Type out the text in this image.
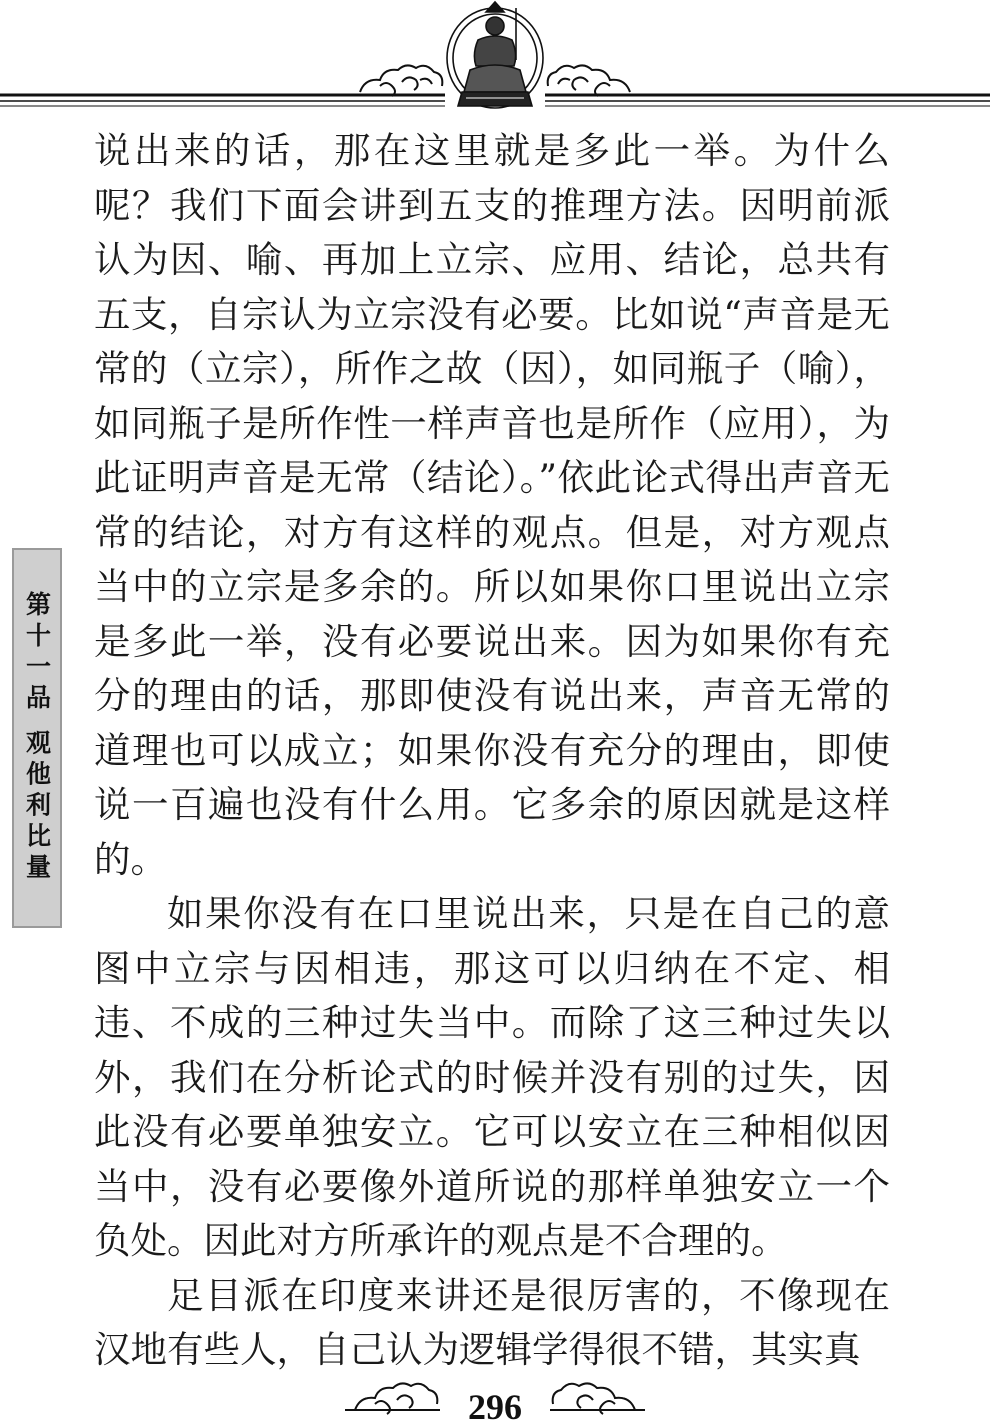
第十一品 观他利比量

说出来的话，那在这里就是多此一举。为什么呢？我们下面会讲到五支的推理方法。因明前派认为因、喻、再加上立宗、应用、结论，总共有五支，自宗认为立宗没有必要。比如说“声音是无常的（立宗），所作之故（因），如同瓶子（喻），如同瓶子是所作性一样声音也是所作（应用），为此证明声音是无常（结论）。”依此论式得出声音无常的结论，对方有这样的观点。但是，对方观点当中的立宗是多余的。所以如果你口里说出立宗是多此一举，没有必要说出来。因为如果你有充分的理由的话，那即使没有说出来，声音无常的道理也可以成立；如果你没有充分的理由，即使说一百遍也没有什么用。它多余的原因就是这样的。

如果你没有在口里说出来，只是在自己的意图中立宗与因相违，那这可以归纳在不定、相违、不成的三种过失当中。而除了这三种过失以外，我们在分析论式的时候并没有别的过失，因此没有必要单独安立。它可以安立在三种相似因当中，没有必要像外道所说的那样单独安立一个负处。因此对方所承许的观点是不合理的。

足目派在印度来讲还是很厉害的，不像现在汉地有些人，自己认为逻辑学得很不错，其实真

296
